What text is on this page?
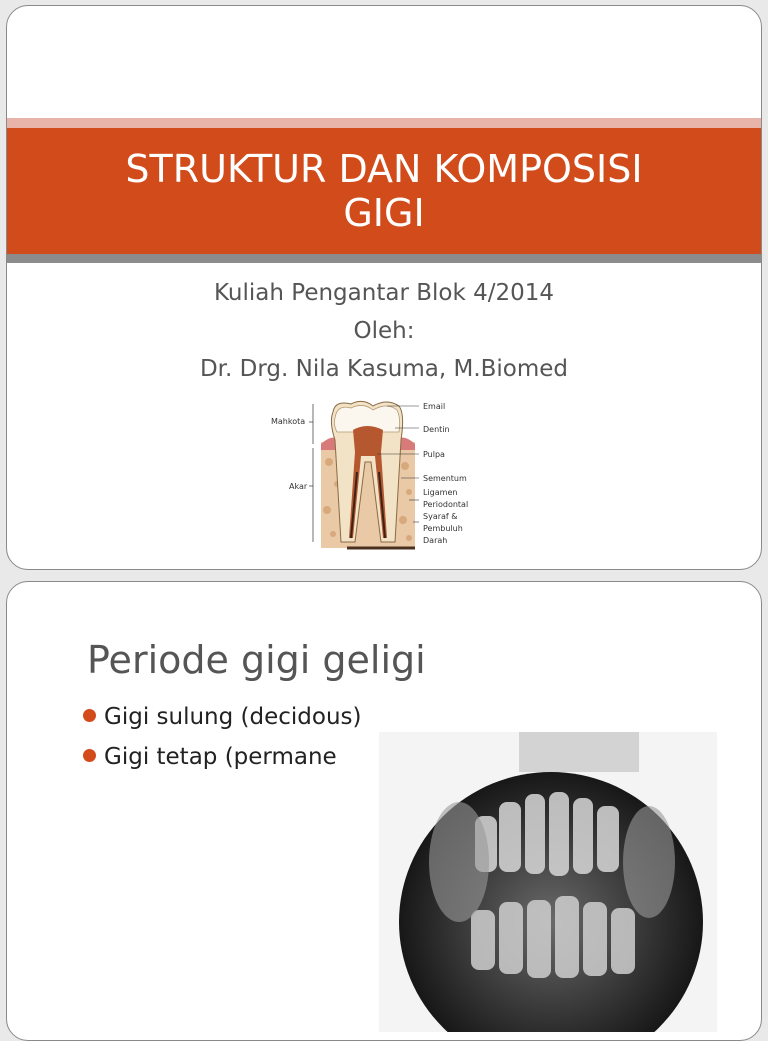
STRUKTUR DAN KOMPOSISI
GIGI
Kuliah Pengantar Blok 4/2014
Oleh:
Dr. Drg. Nila Kasuma, M.Biomed
Mahkota
Akar
Email
Dentin
Pulpa
Sementum
Ligamen
Periodontal
Syaraf &
Pembuluh
Darah
Periode gigi geligi
Gigi sulung (decidous)
Gigi tetap (permane
